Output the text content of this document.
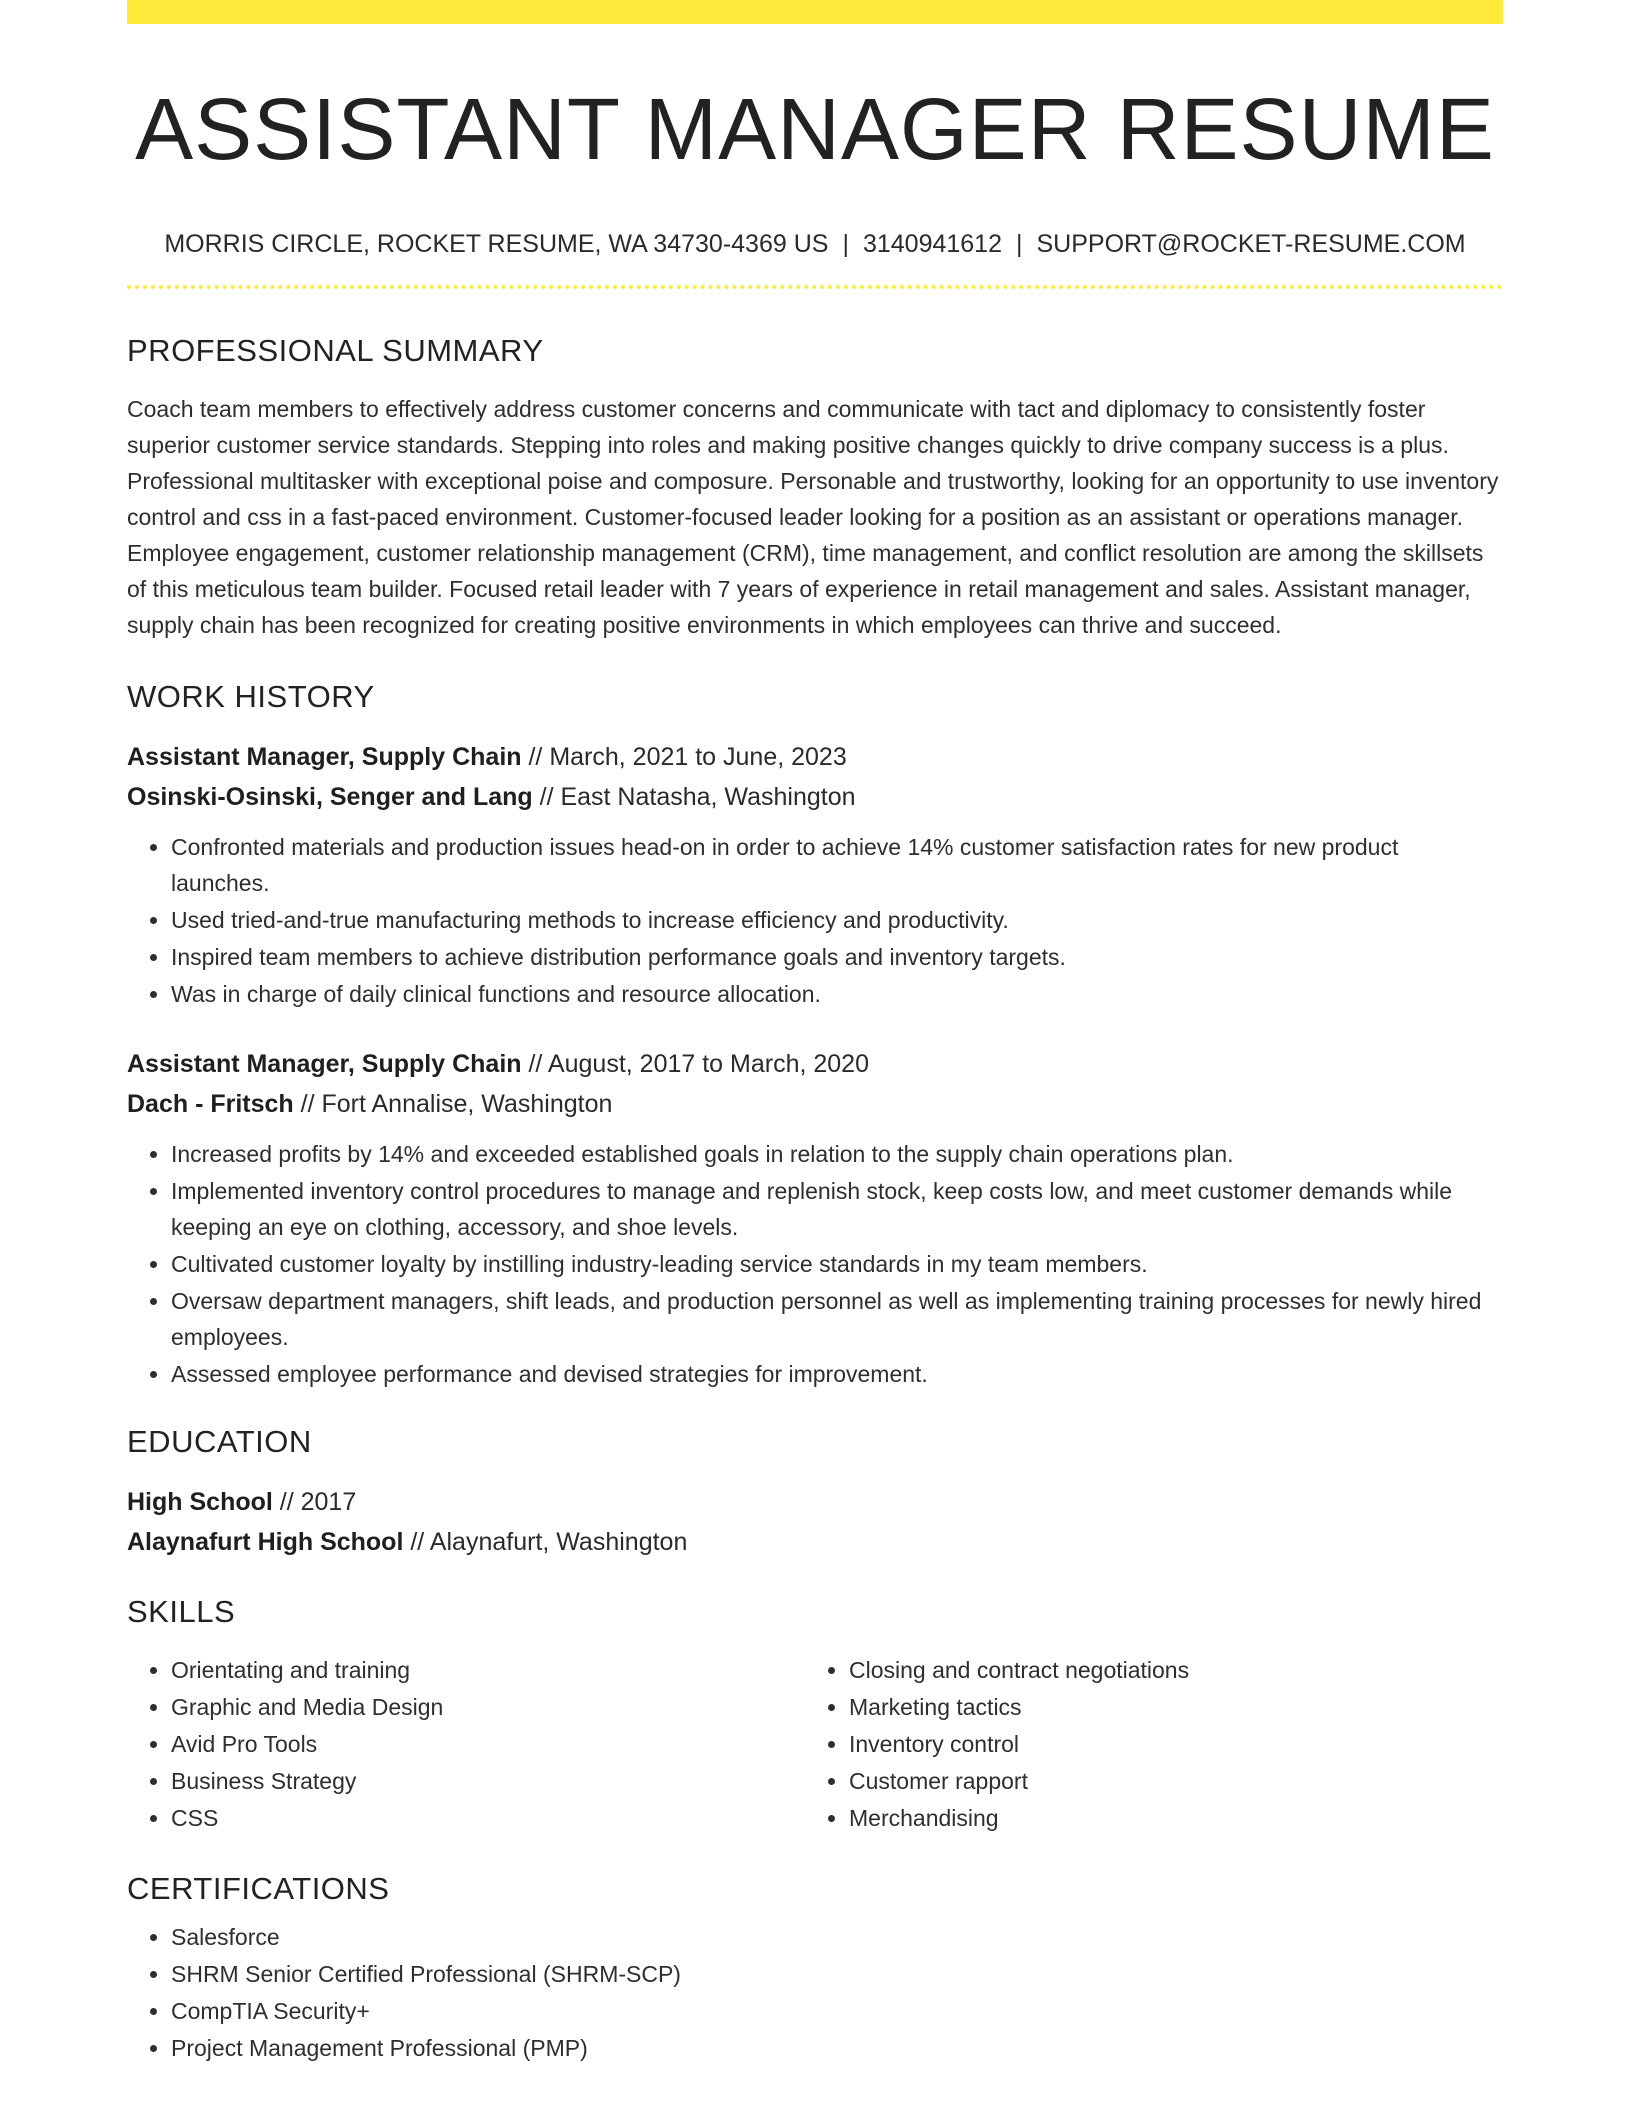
ASSISTANT MANAGER RESUME
MORRIS CIRCLE, ROCKET RESUME, WA 34730-4369 US | 3140941612 | SUPPORT@ROCKET-RESUME.COM
PROFESSIONAL SUMMARY

Coach team members to effectively address customer concerns and communicate with tact and diplomacy to consistently foster superior customer service standards. Stepping into roles and making positive changes quickly to drive company success is a plus. Professional multitasker with exceptional poise and composure. Personable and trustworthy, looking for an opportunity to use inventory control and css in a fast-paced environment. Customer-focused leader looking for a position as an assistant or operations manager. Employee engagement, customer relationship management (CRM), time management, and conflict resolution are among the skillsets of this meticulous team builder. Focused retail leader with 7 years of experience in retail management and sales. Assistant manager, supply chain has been recognized for creating positive environments in which employees can thrive and succeed.

WORK HISTORY
Assistant Manager, Supply Chain // March, 2021 to June, 2023
Osinski-Osinski, Senger and Lang // East Natasha, Washington
• Confronted materials and production issues head-on in order to achieve 14% customer satisfaction rates for new product launches.
• Used tried-and-true manufacturing methods to increase efficiency and productivity.
• Inspired team members to achieve distribution performance goals and inventory targets.
• Was in charge of daily clinical functions and resource allocation.
Assistant Manager, Supply Chain // August, 2017 to March, 2020
Dach - Fritsch // Fort Annalise, Washington
• Increased profits by 14% and exceeded established goals in relation to the supply chain operations plan.
• Implemented inventory control procedures to manage and replenish stock, keep costs low, and meet customer demands while keeping an eye on clothing, accessory, and shoe levels.
• Cultivated customer loyalty by instilling industry-leading service standards in my team members.
• Oversaw department managers, shift leads, and production personnel as well as implementing training processes for newly hired employees.
• Assessed employee performance and devised strategies for improvement.
EDUCATION
High School // 2017
Alaynafurt High School // Alaynafurt, Washington
SKILLS
• Orientating and training
• Graphic and Media Design
• Avid Pro Tools
• Business Strategy
• CSS
• Closing and contract negotiations
• Marketing tactics
• Inventory control
• Customer rapport
• Merchandising
CERTIFICATIONS
• Salesforce
• SHRM Senior Certified Professional (SHRM-SCP)
• CompTIA Security+
• Project Management Professional (PMP)
